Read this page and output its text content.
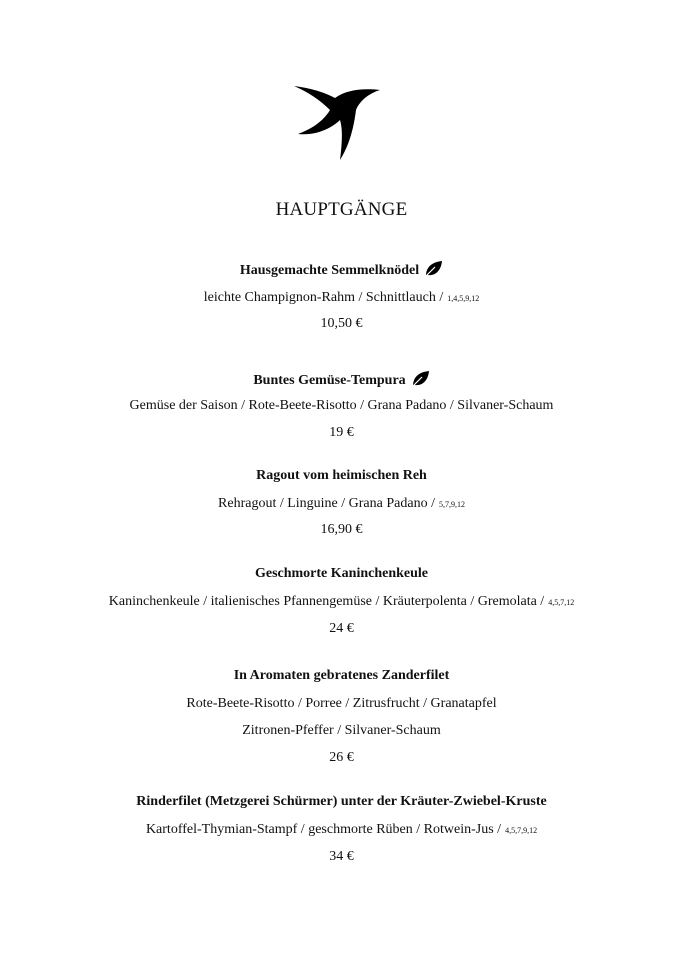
HAUPTGÄNGE
Hausgemachte Semmelknödel
leichte Champignon-Rahm / Schnittlauch / 1,4,5,9,12
10,50 €
Buntes Gemüse-Tempura
Gemüse der Saison / Rote-Beete-Risotto / Grana Padano / Silvaner-Schaum
19 €
Ragout vom heimischen Reh
Rehragout / Linguine / Grana Padano / 5,7,9,12
16,90 €
Geschmorte Kaninchenkeule
Kaninchenkeule / italienisches Pfannengemüse / Kräuterpolenta / Gremolata / 4,5,7,12
24 €
In Aromaten gebratenes Zanderfilet
Rote-Beete-Risotto / Porree / Zitrusfrucht / Granatapfel
Zitronen-Pfeffer / Silvaner-Schaum
26 €
Rinderfilet (Metzgerei Schürmer) unter der Kräuter-Zwiebel-Kruste
Kartoffel-Thymian-Stampf / geschmorte Rüben / Rotwein-Jus / 4,5,7,9,12
34 €
